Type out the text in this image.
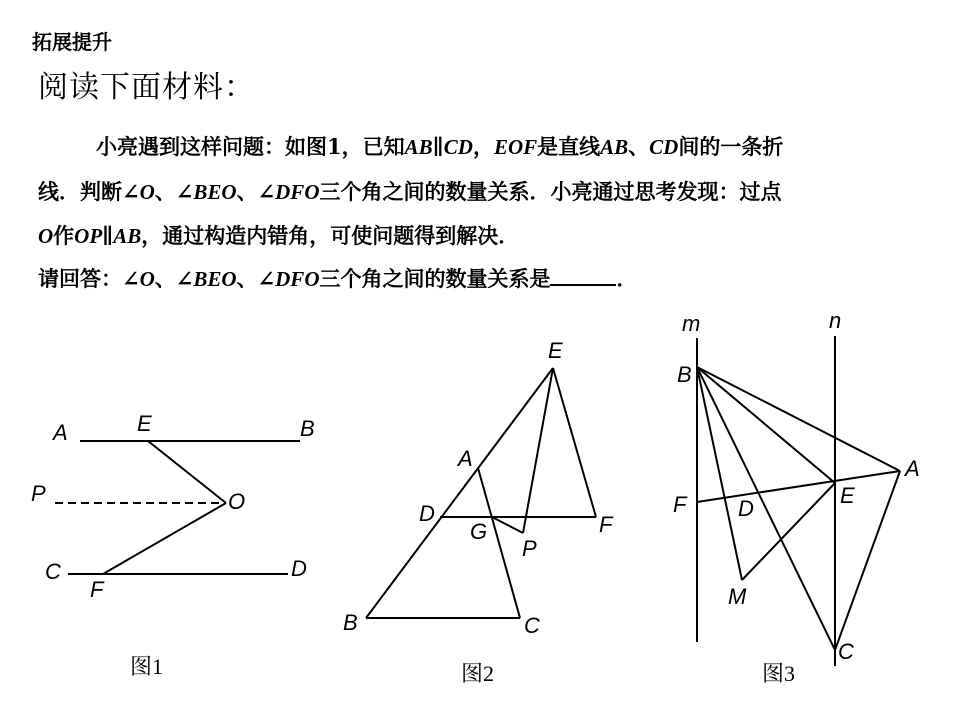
拓展提升
阅读下面材料：
小亮遇到这样问题：如图1，已知AB∥CD，EOF是直线AB、CD间的一条折
线．判断∠O、∠BEO、∠DFO三个角之间的数量关系．小亮通过思考发现：过点
O作OP∥AB，通过构造内错角，可使问题得到解决．
请回答：∠O、∠BEO、∠DFO三个角之间的数量关系是	．
A	E	B
P	O
C
F
D
图1
E
A
D
G	F
P
B	C
图2
m	n
B
A
F D
E
M
C
图3
